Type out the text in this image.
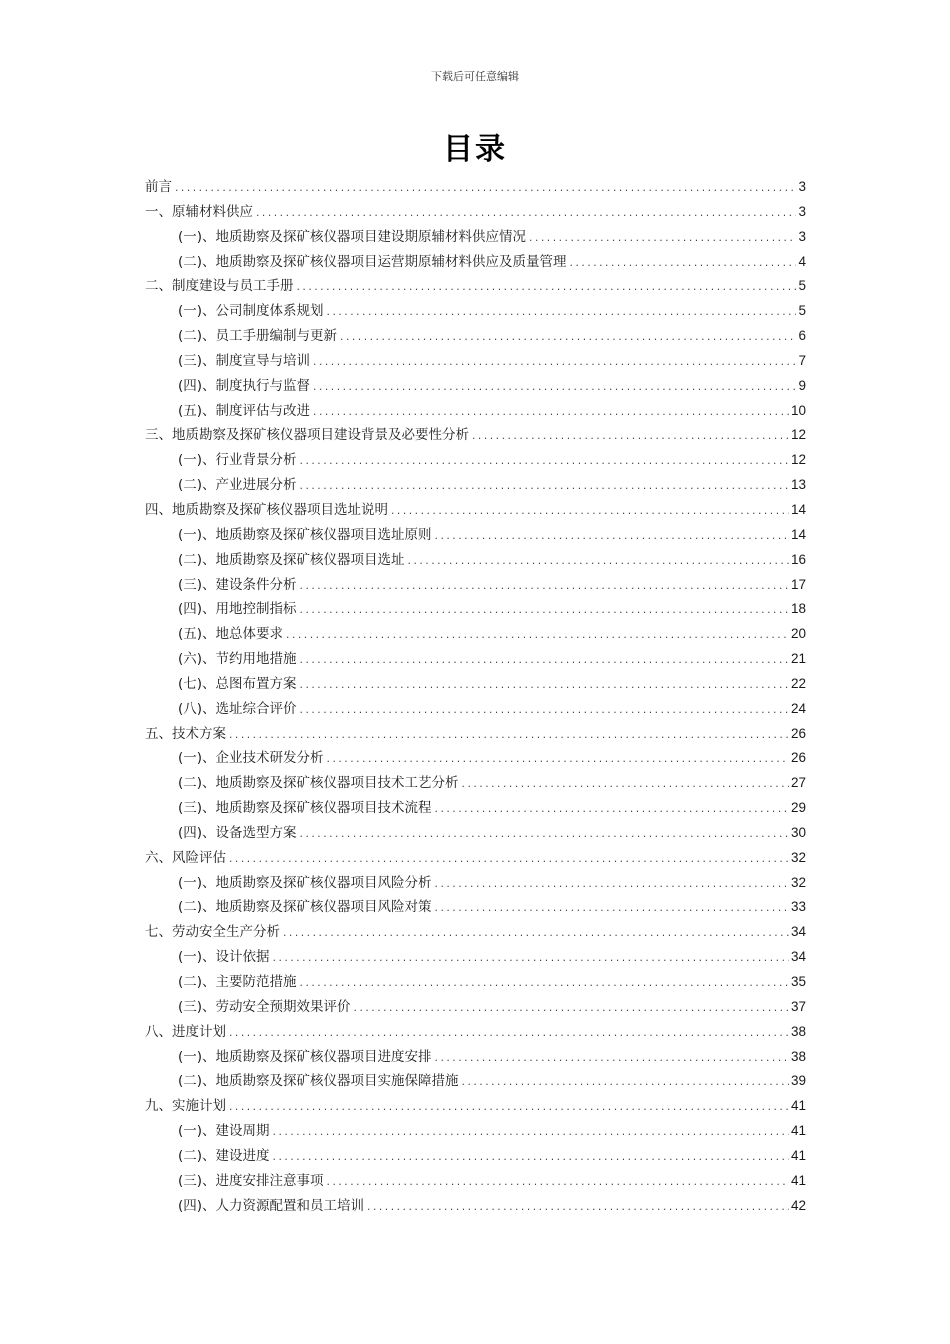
下载后可任意编辑
目录
前言 .....	3
一、原辅材料供应 .....	3
(一)、地质勘察及探矿核仪器项目建设期原辅材料供应情况 .....	3
(二)、地质勘察及探矿核仪器项目运营期原辅材料供应及质量管理 .....	4
二、制度建设与员工手册 .....	5
(一)、公司制度体系规划 .....	5
(二)、员工手册编制与更新 .....	6
(三)、制度宣导与培训 .....	7
(四)、制度执行与监督 .....	9
(五)、制度评估与改进 .....	10
三、地质勘察及探矿核仪器项目建设背景及必要性分析 .....	12
(一)、行业背景分析 .....	12
(二)、产业进展分析 .....	13
四、地质勘察及探矿核仪器项目选址说明 .....	14
(一)、地质勘察及探矿核仪器项目选址原则 .....	14
(二)、地质勘察及探矿核仪器项目选址 .....	16
(三)、建设条件分析 .....	17
(四)、用地控制指标 .....	18
(五)、地总体要求 .....	20
(六)、节约用地措施 .....	21
(七)、总图布置方案 .....	22
(八)、选址综合评价 .....	24
五、技术方案 .....	26
(一)、企业技术研发分析 .....	26
(二)、地质勘察及探矿核仪器项目技术工艺分析 .....	27
(三)、地质勘察及探矿核仪器项目技术流程 .....	29
(四)、设备选型方案 .....	30
六、风险评估 .....	32
(一)、地质勘察及探矿核仪器项目风险分析 .....	32
(二)、地质勘察及探矿核仪器项目风险对策 .....	33
七、劳动安全生产分析 .....	34
(一)、设计依据 .....	34
(二)、主要防范措施 .....	35
(三)、劳动安全预期效果评价 .....	37
八、进度计划 .....	38
(一)、地质勘察及探矿核仪器项目进度安排 .....	38
(二)、地质勘察及探矿核仪器项目实施保障措施 .....	39
九、实施计划 .....	41
(一)、建设周期 .....	41
(二)、建设进度 .....	41
(三)、进度安排注意事项 .....	41
(四)、人力资源配置和员工培训 .....	42
